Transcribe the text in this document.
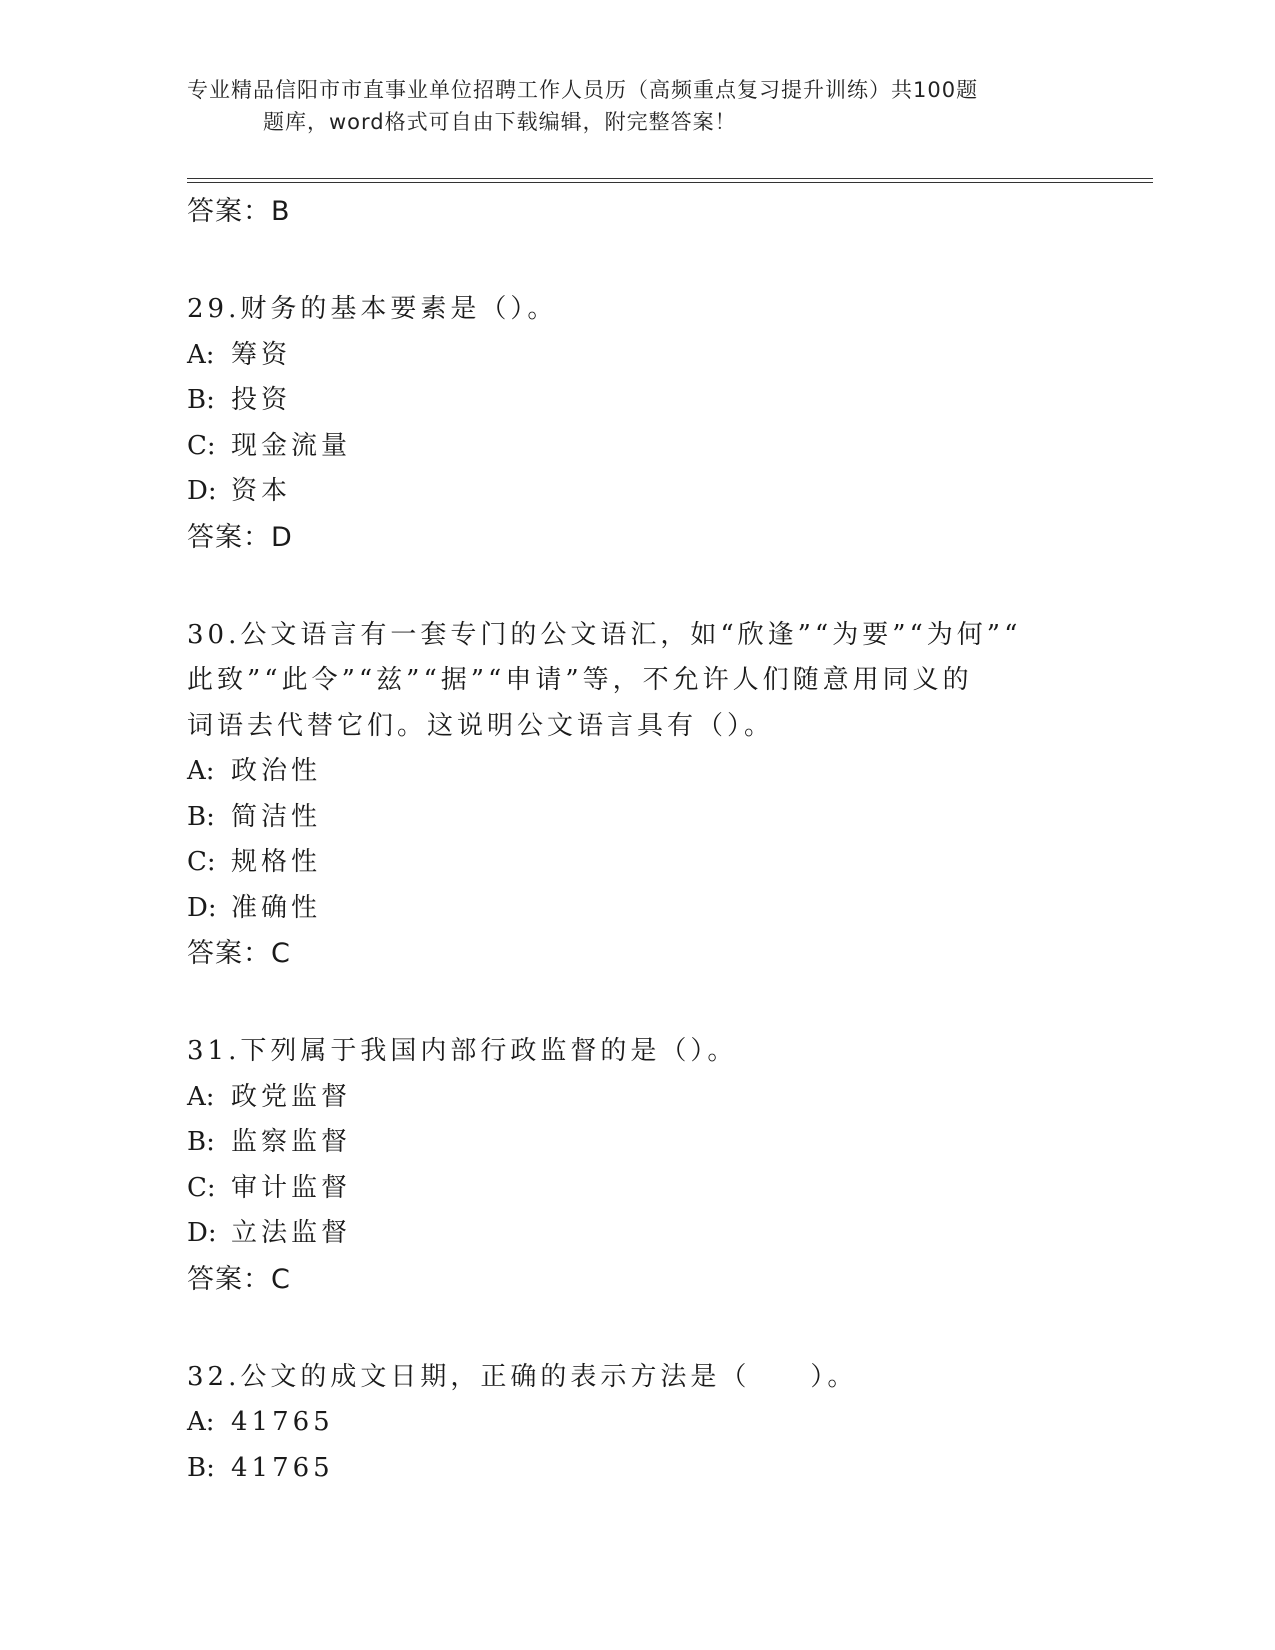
专业精品信阳市市直事业单位招聘工作人员历（高频重点复习提升训练）共100题
题库，word格式可自由下载编辑，附完整答案！
答案：B
29.财务的基本要素是（）。
A: 筹资
B: 投资
C: 现金流量
D: 资本
答案：D
30.公文语言有一套专门的公文语汇，如“欣逢”“为要”“为何”“
此致”“此令”“兹”“据”“申请”等，不允许人们随意用同义的
词语去代替它们。这说明公文语言具有（）。
A: 政治性
B: 简洁性
C: 规格性
D: 准确性
答案：C
31.下列属于我国内部行政监督的是（）。
A: 政党监督
B: 监察监督
C: 审计监督
D: 立法监督
答案：C
32.公文的成文日期，正确的表示方法是（　　）。
A: 41765
B: 41765
